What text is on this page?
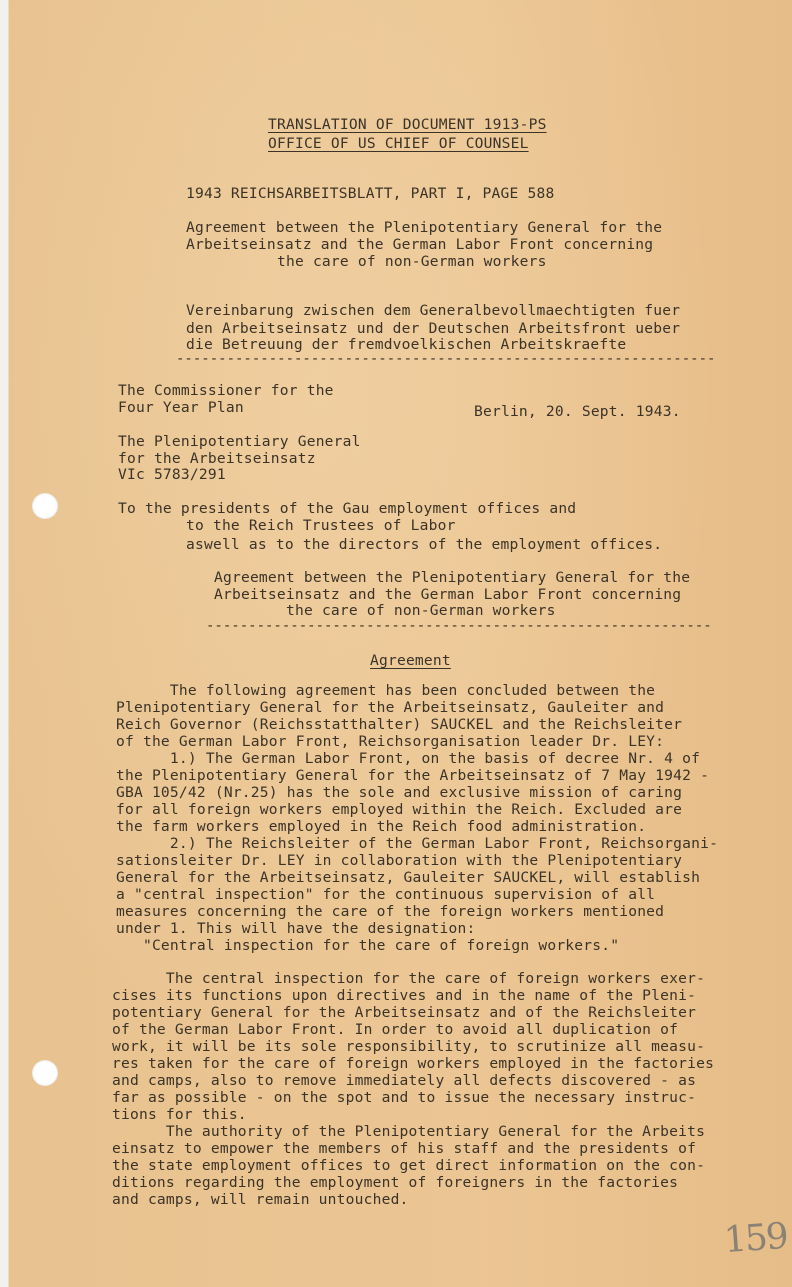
TRANSLATION OF DOCUMENT 1913-PS
OFFICE OF US CHIEF OF COUNSEL
1943 REICHSARBEITSBLATT, PART I, PAGE 588
Agreement between the Plenipotentiary General for the
Arbeitseinsatz and the German Labor Front concerning
the care of non-German workers
Vereinbarung zwischen dem Generalbevollmaechtigten fuer
den Arbeitseinsatz und der Deutschen Arbeitsfront ueber
die Betreuung der fremdvoelkischen Arbeitskraefte
----------------------------------------------------------------
The Commissioner for the
Four Year Plan	Berlin, 20. Sept. 1943.
The Plenipotentiary General
for the Arbeitseinsatz
VIc 5783/291
To the presidents of the Gau employment offices and
to the Reich Trustees of Labor
aswell as to the directors of the employment offices.
Agreement between the Plenipotentiary General for the
Arbeitseinsatz and the German Labor Front concerning
the care of non-German workers
------------------------------------------------------------
Agreement
The following agreement has been concluded between the
Plenipotentiary General for the Arbeitseinsatz, Gauleiter and
Reich Governor (Reichsstatthalter) SAUCKEL and the Reichsleiter
of the German Labor Front, Reichsorganisation leader Dr. LEY:
1.) The German Labor Front, on the basis of decree Nr. 4 of
the Plenipotentiary General for the Arbeitseinsatz of 7 May 1942 -
GBA 105/42 (Nr.25) has the sole and exclusive mission of caring
for all foreign workers employed within the Reich. Excluded are
the farm workers employed in the Reich food administration.
2.) The Reichsleiter of the German Labor Front, Reichsorgani-
sationsleiter Dr. LEY in collaboration with the Plenipotentiary
General for the Arbeitseinsatz, Gauleiter SAUCKEL, will establish
a "central inspection" for the continuous supervision of all
measures concerning the care of the foreign workers mentioned
under 1. This will have the designation:
"Central inspection for the care of foreign workers."
The central inspection for the care of foreign workers exer-
cises its functions upon directives and in the name of the Pleni-
potentiary General for the Arbeitseinsatz and of the Reichsleiter
of the German Labor Front. In order to avoid all duplication of
work, it will be its sole responsibility, to scrutinize all measu-
res taken for the care of foreign workers employed in the factories
and camps, also to remove immediately all defects discovered - as
far as possible - on the spot and to issue the necessary instruc-
tions for this.
The authority of the Plenipotentiary General for the Arbeits
einsatz to empower the members of his staff and the presidents of
the state employment offices to get direct information on the con-
ditions regarding the employment of foreigners in the factories
and camps, will remain untouched.
159
